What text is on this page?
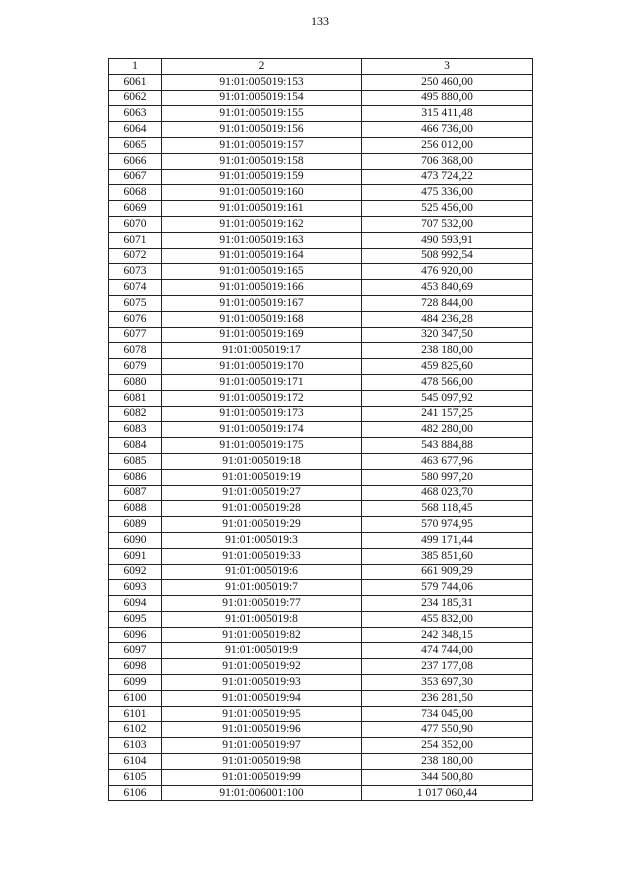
133
1	2	3
6061	91:01:005019:153	250 460,00
6062	91:01:005019:154	495 880,00
6063	91:01:005019:155	315 411,48
6064	91:01:005019:156	466 736,00
6065	91:01:005019:157	256 012,00
6066	91:01:005019:158	706 368,00
6067	91:01:005019:159	473 724,22
6068	91:01:005019:160	475 336,00
6069	91:01:005019:161	525 456,00
6070	91:01:005019:162	707 532,00
6071	91:01:005019:163	490 593,91
6072	91:01:005019:164	508 992,54
6073	91:01:005019:165	476 920,00
6074	91:01:005019:166	453 840,69
6075	91:01:005019:167	728 844,00
6076	91:01:005019:168	484 236,28
6077	91:01:005019:169	320 347,50
6078	91:01:005019:17	238 180,00
6079	91:01:005019:170	459 825,60
6080	91:01:005019:171	478 566,00
6081	91:01:005019:172	545 097,92
6082	91:01:005019:173	241 157,25
6083	91:01:005019:174	482 280,00
6084	91:01:005019:175	543 884,88
6085	91:01:005019:18	463 677,96
6086	91:01:005019:19	580 997,20
6087	91:01:005019:27	468 023,70
6088	91:01:005019:28	568 118,45
6089	91:01:005019:29	570 974,95
6090	91:01:005019:3	499 171,44
6091	91:01:005019:33	385 851,60
6092	91:01:005019:6	661 909,29
6093	91:01:005019:7	579 744,06
6094	91:01:005019:77	234 185,31
6095	91:01:005019:8	455 832,00
6096	91:01:005019:82	242 348,15
6097	91:01:005019:9	474 744,00
6098	91:01:005019:92	237 177,08
6099	91:01:005019:93	353 697,30
6100	91:01:005019:94	236 281,50
6101	91:01:005019:95	734 045,00
6102	91:01:005019:96	477 550,90
6103	91:01:005019:97	254 352,00
6104	91:01:005019:98	238 180,00
6105	91:01:005019:99	344 500,80
6106	91:01:006001:100	1 017 060,44
